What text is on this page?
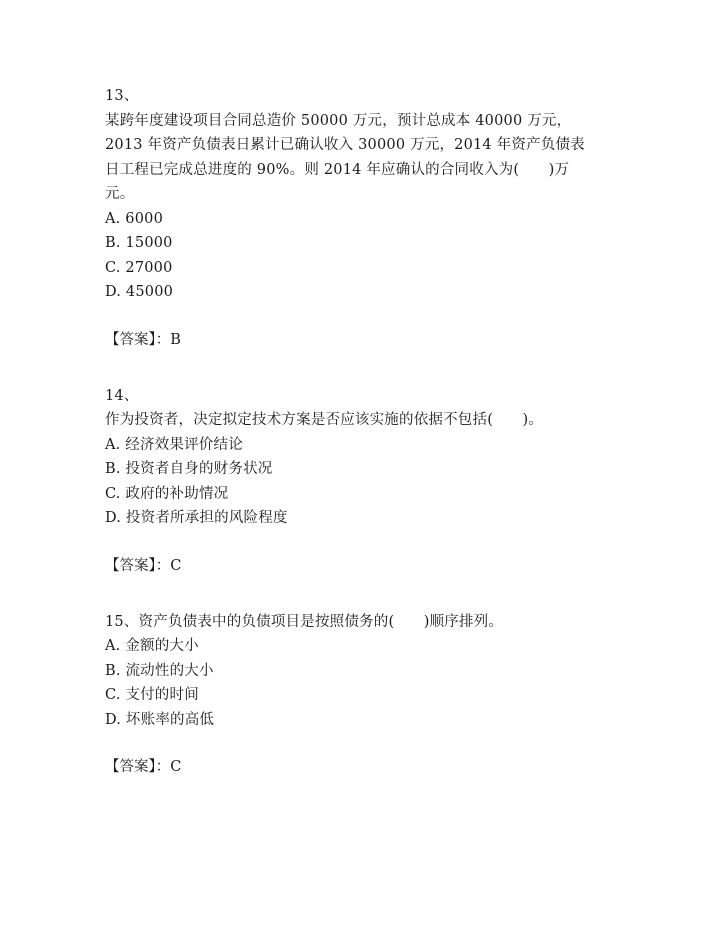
13、
某跨年度建设项目合同总造价 50000 万元，预计总成本 40000 万元，
2013 年资产负债表日累计已确认收入 30000 万元，2014 年资产负债表
日工程已完成总进度的 90%。则 2014 年应确认的合同收入为(　　)万
元。
A. 6000
B. 15000
C. 27000
D. 45000
【答案】：B
14、
作为投资者，决定拟定技术方案是否应该实施的依据不包括(　　)。
A. 经济效果评价结论
B. 投资者自身的财务状况
C. 政府的补助情况
D. 投资者所承担的风险程度
【答案】：C
15、资产负债表中的负债项目是按照债务的(　　)顺序排列。
A. 金额的大小
B. 流动性的大小
C. 支付的时间
D. 坏账率的高低
【答案】：C
